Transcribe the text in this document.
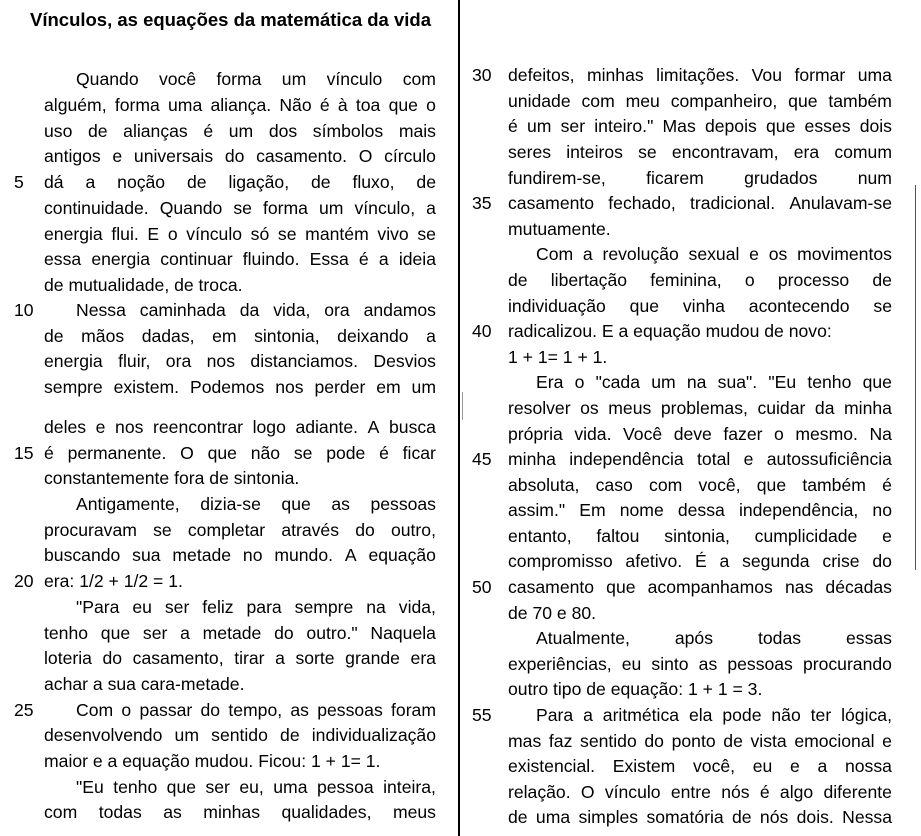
Vínculos, as equações da matemática da vida
Quando você forma um vínculo com
alguém, forma uma aliança. Não é à toa que o
uso de alianças é um dos símbolos mais
antigos e universais do casamento. O círculo
dá a noção de ligação, de fluxo, de
5
continuidade. Quando se forma um vínculo, a
energia flui. E o vínculo só se mantém vivo se
essa energia continuar fluindo. Essa é a ideia
de mutualidade, de troca.
Nessa caminhada da vida, ora andamos
10
de mãos dadas, em sintonia, deixando a
energia fluir, ora nos distanciamos. Desvios
sempre existem. Podemos nos perder em um
deles e nos reencontrar logo adiante. A busca
é permanente. O que não se pode é ficar
15
constantemente fora de sintonia.
Antigamente, dizia-se que as pessoas
procuravam se completar através do outro,
buscando sua metade no mundo. A equação
era: 1/2 + 1/2 = 1.
20
"Para eu ser feliz para sempre na vida,
tenho que ser a metade do outro." Naquela
loteria do casamento, tirar a sorte grande era
achar a sua cara-metade.
Com o passar do tempo, as pessoas foram
25
desenvolvendo um sentido de individualização
maior e a equação mudou. Ficou: 1 + 1= 1.
"Eu tenho que ser eu, uma pessoa inteira,
com todas as minhas qualidades, meus
defeitos, minhas limitações. Vou formar uma
30
unidade com meu companheiro, que também
é um ser inteiro." Mas depois que esses dois
seres inteiros se encontravam, era comum
fundirem-se, ficarem grudados num
casamento fechado, tradicional. Anulavam-se
35
mutuamente.
Com a revolução sexual e os movimentos
de libertação feminina, o processo de
individuação que vinha acontecendo se
radicalizou. E a equação mudou de novo:
40
1 + 1= 1 + 1.
Era o "cada um na sua". "Eu tenho que
resolver os meus problemas, cuidar da minha
própria vida. Você deve fazer o mesmo. Na
minha independência total e autossuficiência
45
absoluta, caso com você, que também é
assim." Em nome dessa independência, no
entanto, faltou sintonia, cumplicidade e
compromisso afetivo. É a segunda crise do
casamento que acompanhamos nas décadas
50
de 70 e 80.
Atualmente,	após	todas	essas
experiências, eu sinto as pessoas procurando
outro tipo de equação: 1 + 1 = 3.
Para a aritmética ela pode não ter lógica,
55
mas faz sentido do ponto de vista emocional e
existencial. Existem você, eu e a nossa
relação. O vínculo entre nós é algo diferente
de uma simples somatória de nós dois. Nessa
